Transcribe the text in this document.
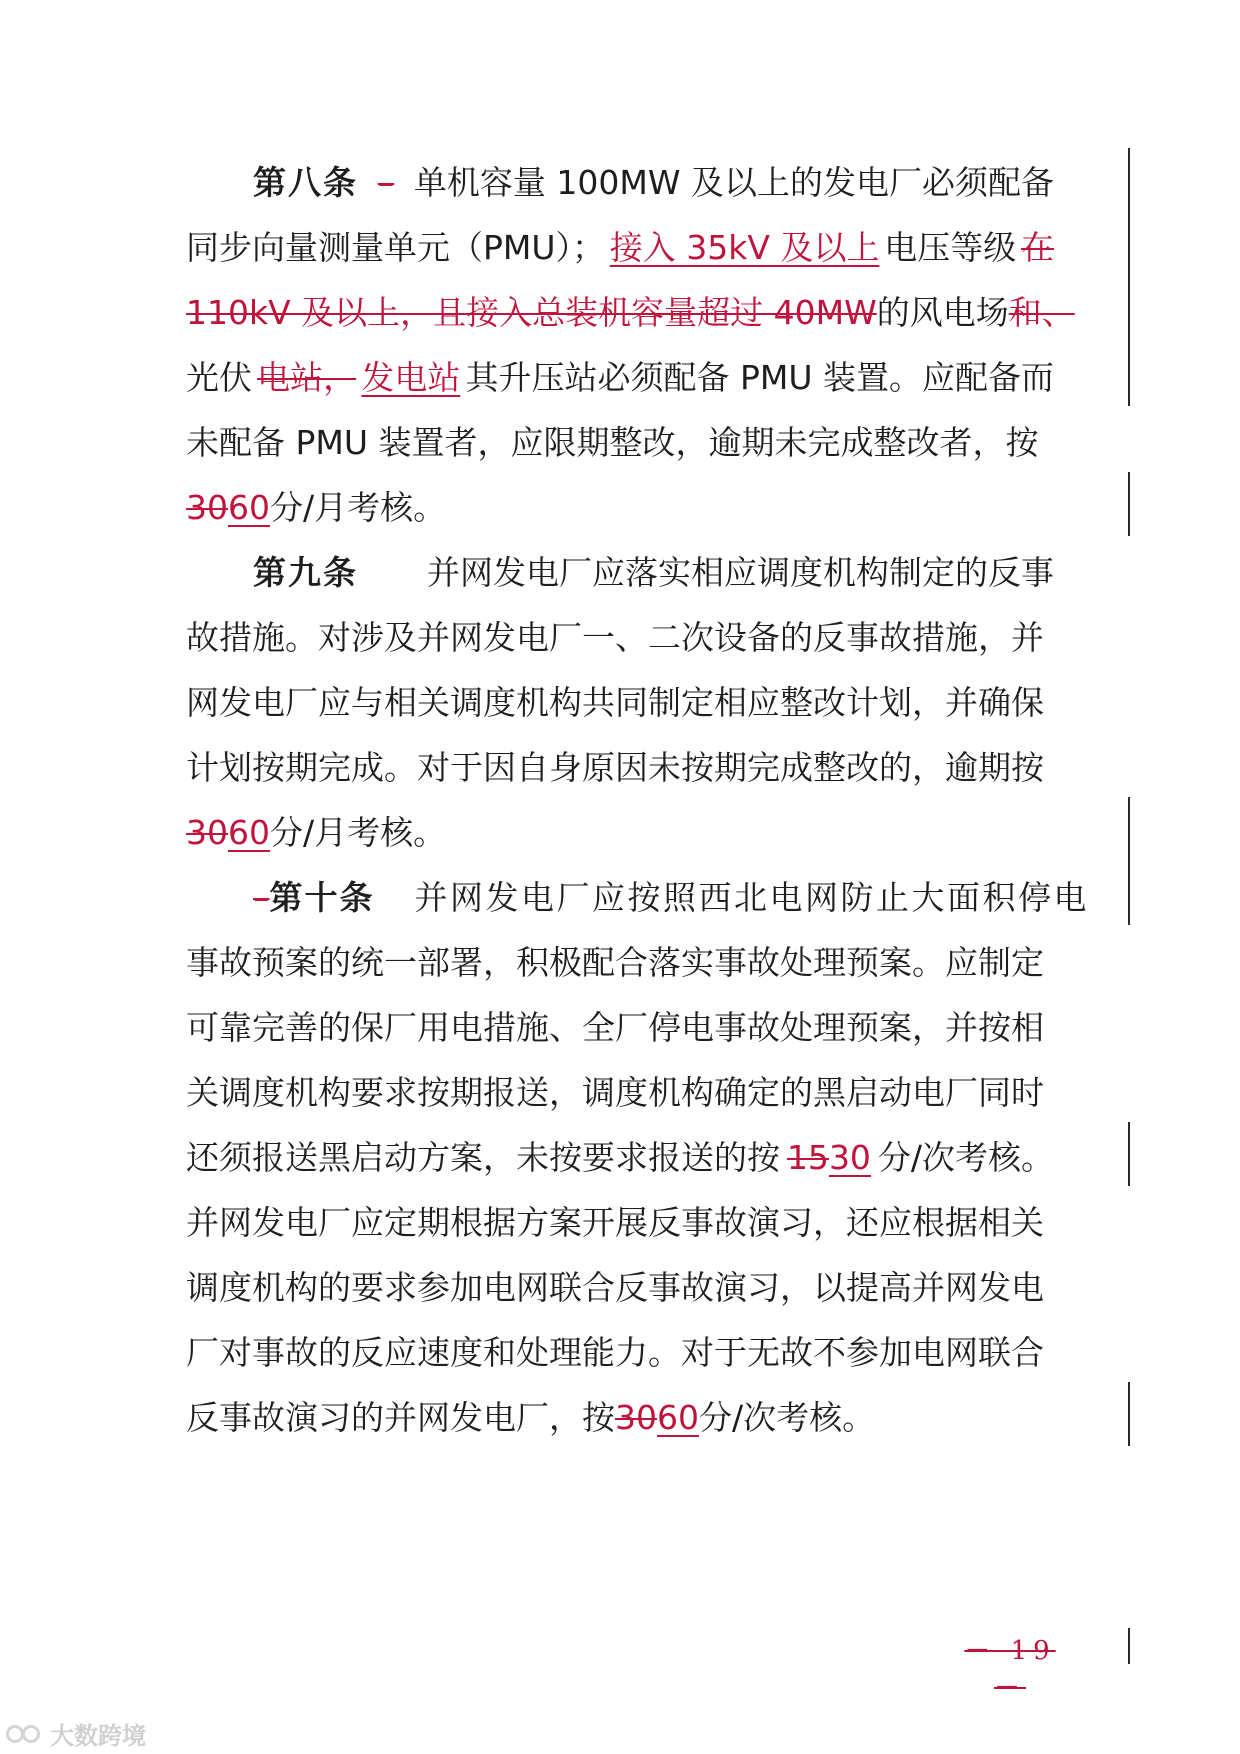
第八条 – 单机容量 100MW 及以上的发电厂必须配备
同步向量测量单元（PMU）； 接入 35kV 及以上 电压等级 在
110kV 及以上，且接入总装机容量超过 40MW 的风电场 和、
光伏 电站， 发电站 其升压站必须配备 PMU 装置。应配备而
未配备 PMU 装置者，应限期整改，逾期未完成整改者，按
30 60 分/月考核。
第九条 并网发电厂应落实相应调度机构制定的反事
故措施。对涉及并网发电厂一、二次设备的反事故措施，并
网发电厂应与相关调度机构共同制定相应整改计划，并确保
计划按期完成。对于因自身原因未按期完成整改的，逾期按
30 60 分/月考核。
– 第十条 并网发电厂应按照西北电网防止大面积停电
事故预案的统一部署，积极配合落实事故处理预案。应制定
可靠完善的保厂用电措施、全厂停电事故处理预案，并按相
关调度机构要求按期报送，调度机构确定的黑启动电厂同时
还须报送黑启动方案，未按要求报送的按 1530 分/次考核。
并网发电厂应定期根据方案开展反事故演习，还应根据相关
调度机构的要求参加电网联合反事故演习，以提高并网发电
厂对事故的反应速度和处理能力。对于无故不参加电网联合
反事故演习的并网发电厂，按 30 60 分/次考核。
－ 19 －
大数跨境
